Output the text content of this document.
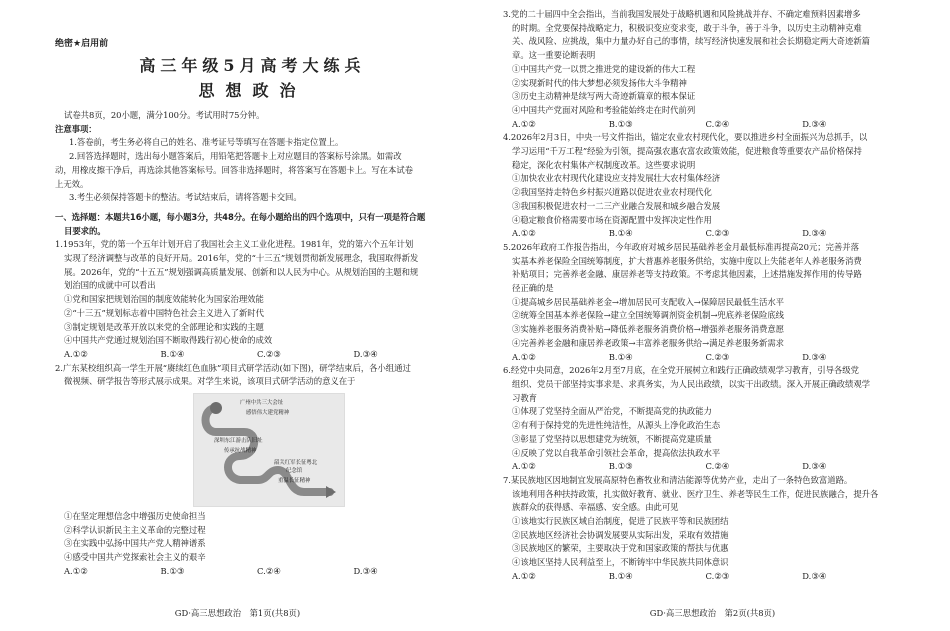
绝密★启用前
高三年级5月高考大练兵
思想政治
试卷共8页，20小题，满分100分。考试用时75分钟。
注意事项：
1.答卷前，考生务必将自己的姓名、准考证号等填写在答题卡指定位置上。
2.回答选择题时，选出每小题答案后，用铅笔把答题卡上对应题目的答案标号涂黑。如需改
动，用橡皮擦干净后，再选涂其他答案标号。回答非选择题时，将答案写在答题卡上。写在本试卷
上无效。
3.考生必须保持答题卡的整洁。考试结束后，请将答题卡交回。
一、选择题：本题共16小题，每小题3分，共48分。在每小题给出的四个选项中，只有一项是符合题
目要求的。
1.1953年，党的第一个五年计划开启了我国社会主义工业化进程。1981年，党的第六个五年计划
实现了经济调整与改革的良好开局。2016年，党的“十三五”规划贯彻新发展理念，我国取得新发
展。2026年，党的“十五五”规划强调高质量发展、创新和以人民为中心。从规划治国的主题和规
划治国的成就中可以看出
①党和国家把规划治国的制度效能转化为国家治理效能
②“十三五”规划标志着中国特色社会主义进入了新时代
③制定规划是改革开放以来党的全部理论和实践的主题
④中国共产党通过规划治国不断取得践行初心使命的成效
A.①②	B.①④	C.②③	D.③④
2.广东某校组织高一学生开展“赓续红色血脉”项目式研学活动(如下图)，研学结束后，各小组通过
微视频、研学报告等形式展示成果。对学生来说，该项目式研学活动的意义在于
广州中共三大会址
感悟伟大建党精神
深圳东江游击队旧址
传承抗战精神
韶关红军长征粤北
纪念馆
重温长征精神
①在坚定理想信念中增强历史使命担当
②科学认识新民主主义革命的完整过程
③在实践中弘扬中国共产党人精神谱系
④感受中国共产党探索社会主义的艰辛
A.①②	B.①③	C.②④	D.③④
GD·高三思想政治　第1页(共8页)	GD·高三思想政治　第2页(共8页)
3.党的二十届四中全会指出，当前我国发展处于战略机遇和风险挑战并存、不确定难预料因素增多
的时期。全党要保持战略定力，积极识变应变求变，敢于斗争，善于斗争，以历史主动精神克难
关、战风险、应挑战，集中力量办好自己的事情，续写经济快速发展和社会长期稳定两大奇迹新篇
章。这一重要论断表明
①中国共产党一以贯之推进党的建设新的伟大工程
②实现新时代的伟大梦想必须发扬伟大斗争精神
③历史主动精神是续写两大奇迹新篇章的根本保证
④中国共产党面对风险和考验能始终走在时代前列
A.①②	B.①③	C.②④	D.③④
4.2026年2月3日，中央一号文件指出，锚定农业农村现代化，要以推进乡村全面振兴为总抓手，以
学习运用“千万工程”经验为引领，提高强农惠农富农政策效能，促进粮食等重要农产品价格保持
稳定，深化农村集体产权制度改革。这些要求说明
①加快农业农村现代化建设应支持发展壮大农村集体经济
②我国坚持走特色乡村振兴道路以促进农业农村现代化
③我国积极促进农村一二三产业融合发展和城乡融合发展
④稳定粮食价格需要市场在资源配置中发挥决定性作用
A.①②	B.①④	C.②③	D.③④
5.2026年政府工作报告指出，今年政府对城乡居民基础养老金月最低标准再提高20元；完善并落
实基本养老保险全国统筹制度，扩大普惠养老服务供给，实施中度以上失能老年人养老服务消费
补贴项目；完善养老金融、康居养老等支持政策。不考虑其他因素，上述措施发挥作用的传导路
径正确的是
①提高城乡居民基础养老金→增加居民可支配收入→保障居民最低生活水平
②统筹全国基本养老保险→建立全国统筹调剂资金机制→兜底养老保险底线
③实施养老服务消费补贴→降低养老服务消费价格→增强养老服务消费意愿
④完善养老金融和康居养老政策→丰富养老服务供给→满足养老服务新需求
A.①②	B.①④	C.②③	D.③④
6.经党中央同意，2026年2月至7月底，在全党开展树立和践行正确政绩观学习教育，引导各级党
组织、党员干部坚持实事求是、求真务实，为人民出政绩，以实干出政绩。深入开展正确政绩观学
习教育
①体现了党坚持全面从严治党，不断提高党的执政能力
②有利于保持党的先进性纯洁性，从源头上净化政治生态
③彰显了党坚持以思想建党为统领，不断提高党建质量
④反映了党以自我革命引领社会革命，提高依法执政水平
A.①②	B.①③	C.②④	D.③④
7.某民族地区因地制宜发展高原特色畜牧业和清洁能源等优势产业，走出了一条特色致富道路。
该地利用各种扶持政策，扎实做好教育、就业、医疗卫生、养老等民生工作，促进民族融合，提升各
族群众的获得感、幸福感、安全感。由此可见
①该地实行民族区域自治制度，促进了民族平等和民族团结
②民族地区经济社会协调发展要从实际出发，采取有效措施
③民族地区的繁荣，主要取决于党和国家政策的帮扶与优惠
④该地区坚持人民利益至上，不断铸牢中华民族共同体意识
A.①②	B.①④	C.②③	D.③④
